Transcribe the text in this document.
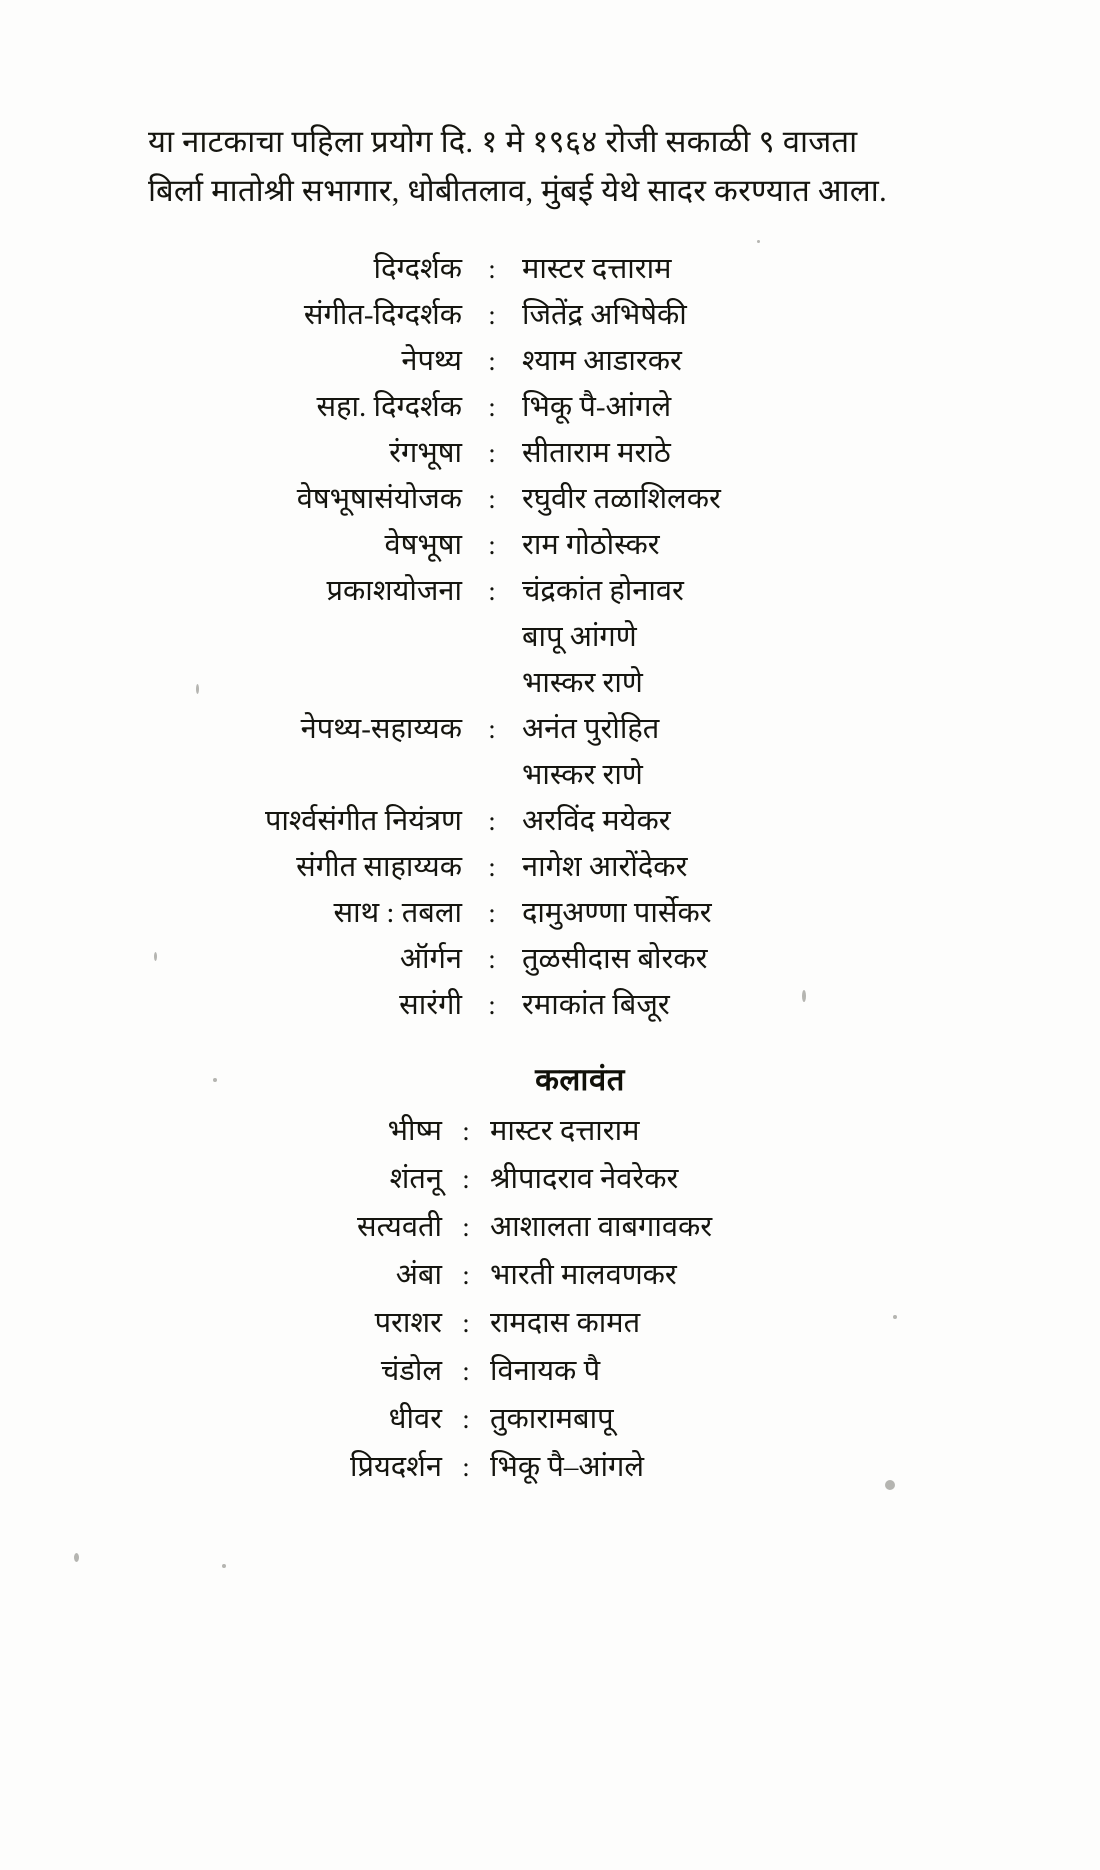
या नाटकाचा पहिला प्रयोग दि. १ मे १९६४ रोजी सकाळी ९ वाजता
बिर्ला मातोश्री सभागार, धोबीतलाव, मुंबई येथे सादर करण्यात आला.
दिग्दर्शक : मास्टर दत्ताराम
संगीत-दिग्दर्शक : जितेंद्र अभिषेकी
नेपथ्य : श्याम आडारकर
सहा. दिग्दर्शक : भिकू पै-आंगले
रंगभूषा : सीताराम मराठे
वेषभूषासंयोजक : रघुवीर तळाशिलकर
वेषभूषा : राम गोठोस्कर
प्रकाशयोजना : चंद्रकांत होनावर
बापू आंगणे
भास्कर राणे
नेपथ्य-सहाय्यक : अनंत पुरोहित
भास्कर राणे
पार्श्वसंगीत नियंत्रण : अरविंद मयेकर
संगीत साहाय्यक : नागेश आरोंदेकर
साथ : तबला : दामुअण्णा पार्सेकर
ऑर्गन : तुळसीदास बोरकर
सारंगी : रमाकांत बिजूर
कलावंत
भीष्म : मास्टर दत्ताराम
शंतनू : श्रीपादराव नेवरेकर
सत्यवती : आशालता वाबगावकर
अंबा : भारती मालवणकर
पराशर : रामदास कामत
चंडोल : विनायक पै
धीवर : तुकारामबापू
प्रियदर्शन : भिकू पै–आंगले
